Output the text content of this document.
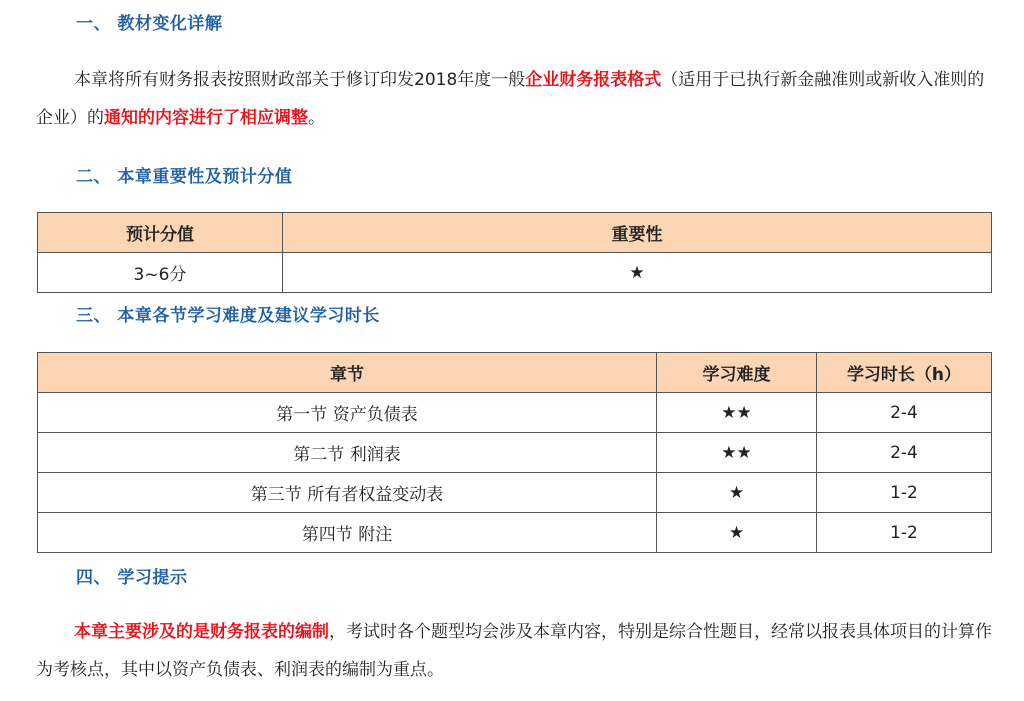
一、 教材变化详解
本章将所有财务报表按照财政部关于修订印发2018年度一般企业财务报表格式（适用于已执行新金融准则或新收入准则的企业）的通知的内容进行了相应调整。
二、 本章重要性及预计分值
预计分值	重要性
3~6分	★
三、 本章各节学习难度及建议学习时长
章节	学习难度	学习时长（h）
第一节 资产负债表	★★	2-4
第二节 利润表	★★	2-4
第三节 所有者权益变动表	★	1-2
第四节 附注	★	1-2
四、 学习提示
本章主要涉及的是财务报表的编制，考试时各个题型均会涉及本章内容，特别是综合性题目，经常以报表具体项目的计算作为考核点，其中以资产负债表、利润表的编制为重点。
